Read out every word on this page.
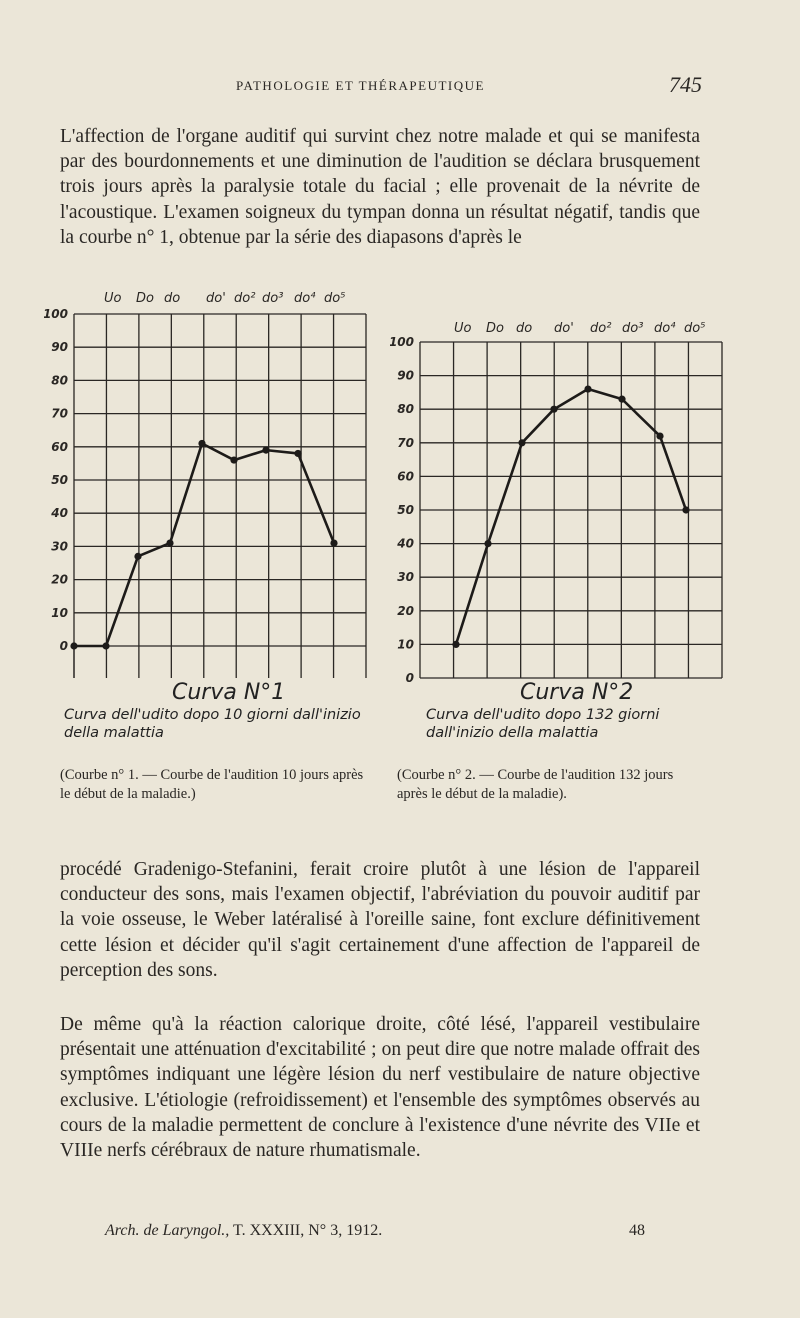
PATHOLOGIE ET THÉRAPEUTIQUE	745

L'affection de l'organe auditif qui survint chez notre malade et qui se manifesta par des bourdonnements et une diminution de l'audition se déclara brusquement trois jours après la paralysie totale du facial ; elle provenait de la névrite de l'acoustique. L'examen soigneux du tympan donna un résultat négatif, tandis que la courbe n° 1, obtenue par la série des diapasons d'après le

100
90
80
70
60
50
40
30
20
10
0
Uo Do do do' do² do³ do⁴ do⁵
Curva N°1
Curva dell'udito dopo 10 giorni dall'inizio della malattia
(Courbe n° 1. — Courbe de l'audition 10 jours après le début de la maladie.)
100
90
80
70
60
50
40
30
20
10
0
Uo Do do do' do² do³ do⁴ do⁵
Curva N°2
Curva dell'udito dopo 132 giorni dall'inizio della malattia
(Courbe n° 2. — Courbe de l'audition 132 jours après le début de la maladie).

procédé Gradenigo-Stefanini, ferait croire plutôt à une lésion de l'appareil conducteur des sons, mais l'examen objectif, l'abréviation du pouvoir auditif par la voie osseuse, le Weber latéralisé à l'oreille saine, font exclure définitivement cette lésion et décider qu'il s'agit certainement d'une affection de l'appareil de perception des sons.

De même qu'à la réaction calorique droite, côté lésé, l'appareil vestibulaire présentait une atténuation d'excitabilité ; on peut dire que notre malade offrait des symptômes indiquant une légère lésion du nerf vestibulaire de nature objective exclusive. L'étiologie (refroidissement) et l'ensemble des symptômes observés au cours de la maladie permettent de conclure à l'existence d'une névrite des VIIe et VIIIe nerfs cérébraux de nature rhumatismale.

Arch. de Laryngol., T. XXXIII, N° 3, 1912.	48
